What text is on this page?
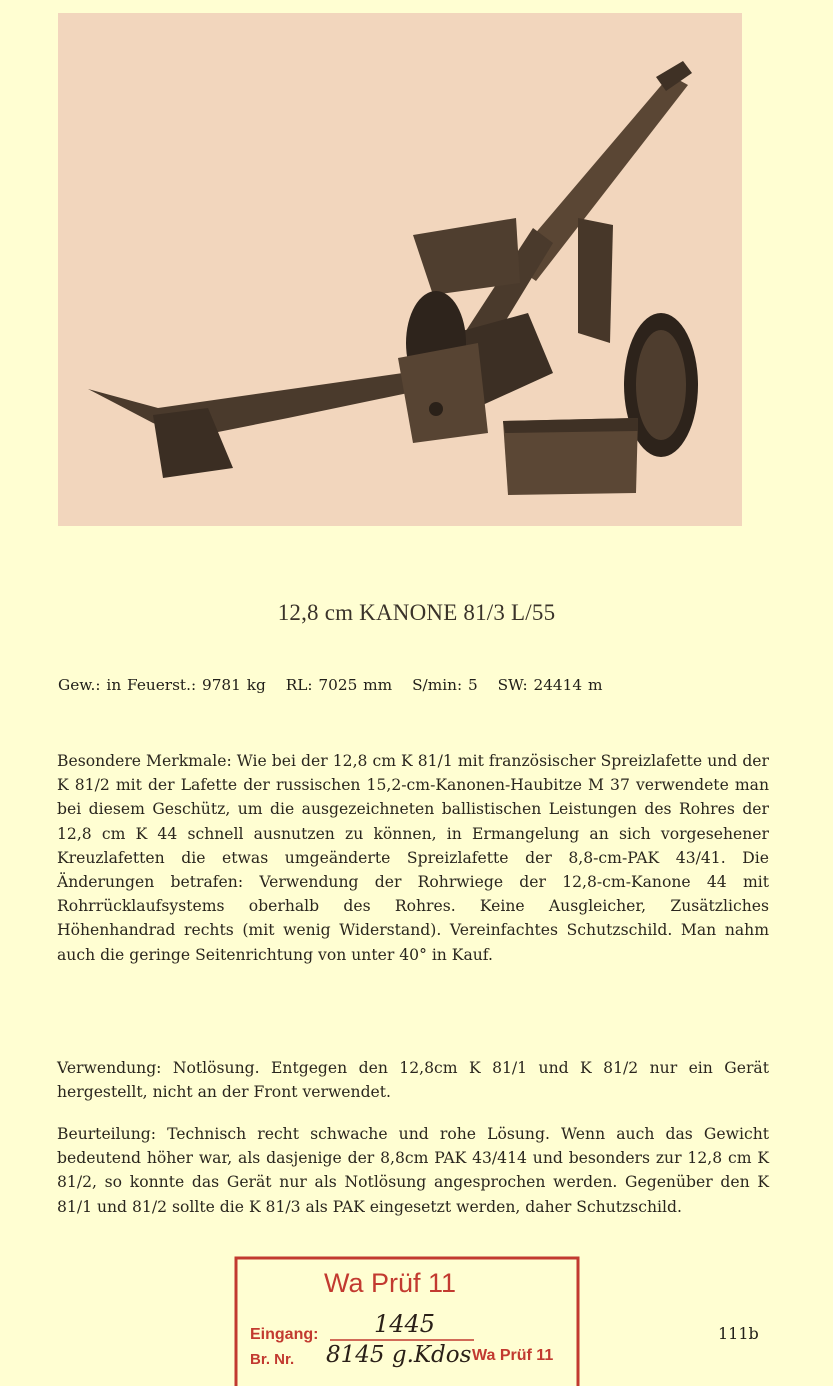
12,8 cm KANONE 81/3 L/55
Gew.: in Feuerst.: 9781 kg RL: 7025 mm S/min: 5 SW: 24414 m

Besondere Merkmale: Wie bei der 12,8 cm K 81/1 mit französischer Spreizlafette und der K 81/2 mit der Lafette der russischen 15,2-cm-Kanonen-Haubitze M 37 verwendete man bei diesem Geschütz, um die ausgezeichneten ballistischen Leistungen des Rohres der 12,8 cm K 44 schnell ausnutzen zu können, in Ermangelung an sich vorgesehener Kreuzlafetten die etwas umgeänderte Spreizlafette der 8,8-cm-PAK 43/41. Die Änderungen betrafen: Verwendung der Rohrwiege der 12,8-cm-Kanone 44 mit Rohrrücklaufsystems oberhalb des Rohres. Keine Ausgleicher, Zusätzliches Höhenhandrad rechts (mit wenig Widerstand). Vereinfachtes Schutzschild. Man nahm auch die geringe Seitenrichtung von unter 40° in Kauf.

Verwendung: Notlösung. Entgegen den 12,8cm K 81/1 und K 81/2 nur ein Gerät hergestellt, nicht an der Front verwendet.

Beurteilung: Technisch recht schwache und rohe Lösung. Wenn auch das Gewicht bedeutend höher war, als dasjenige der 8,8cm PAK 43/414 und besonders zur 12,8 cm K 81/2, so konnte das Gerät nur als Notlösung angesprochen werden. Gegenüber den K 81/1 und 81/2 sollte die K 81/3 als PAK eingesetzt werden, daher Schutzschild.

Wa Prüf 11
Eingang: 1445
Br. Nr. 8145 g.Kdos Wa Prüf 11
111b
